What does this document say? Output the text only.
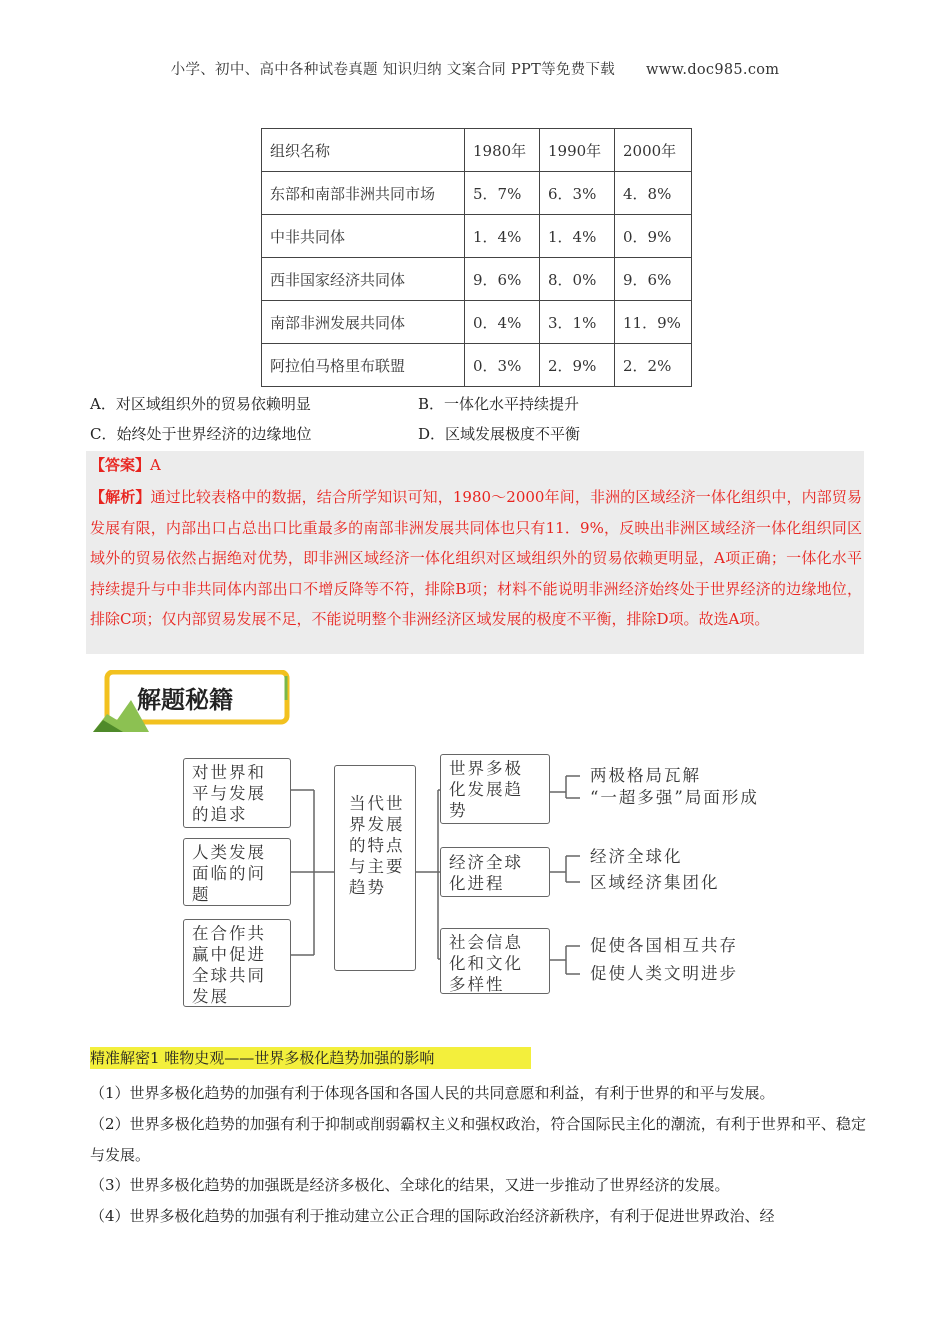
小学、初中、高中各种试卷真题 知识归纳 文案合同 PPT等免费下载 www.doc985.com
组织名称	1980年	1990年	2000年
东部和南部非洲共同市场	5．7%	6．3%	4．8%
中非共同体	1．4%	1．4%	0．9%
西非国家经济共同体	9．6%	8．0%	9．6%
南部非洲发展共同体	0．4%	3．1%	11．9%
阿拉伯马格里布联盟	0．3%	2．9%	2．2%
A．对区域组织外的贸易依赖明显	B．一体化水平持续提升
C．始终处于世界经济的边缘地位	D．区域发展极度不平衡
【答案】A
【解析】通过比较表格中的数据，结合所学知识可知，1980～2000年间，非洲的区域经济一体化组织中，内部贸易发展有限，内部出口占总出口比重最多的南部非洲发展共同体也只有11．9%，反映出非洲区域经济一体化组织同区域外的贸易依然占据绝对优势，即非洲区域经济一体化组织对区域组织外的贸易依赖更明显，A项正确；一体化水平持续提升与中非共同体内部出口不增反降等不符，排除B项；材料不能说明非洲经济始终处于世界经济的边缘地位，排除C项；仅内部贸易发展不足，不能说明整个非洲经济区域发展的极度不平衡，排除D项。故选A项。
解题秘籍
对世界和平与发展的追求
人类发展面临的问题
在合作共赢中促进全球共同发展
当代世界发展的特点与主要趋势
世界多极化发展趋势
经济全球化进程
社会信息化和文化多样性
两极格局瓦解
“一超多强”局面形成
经济全球化
区域经济集团化
促使各国相互共存
促使人类文明进步
精准解密1 唯物史观——世界多极化趋势加强的影响
（1）世界多极化趋势的加强有利于体现各国和各国人民的共同意愿和利益，有利于世界的和平与发展。
（2）世界多极化趋势的加强有利于抑制或削弱霸权主义和强权政治，符合国际民主化的潮流，有利于世界和平、稳定与发展。
（3）世界多极化趋势的加强既是经济多极化、全球化的结果，又进一步推动了世界经济的发展。
（4）世界多极化趋势的加强有利于推动建立公正合理的国际政治经济新秩序，有利于促进世界政治、经
